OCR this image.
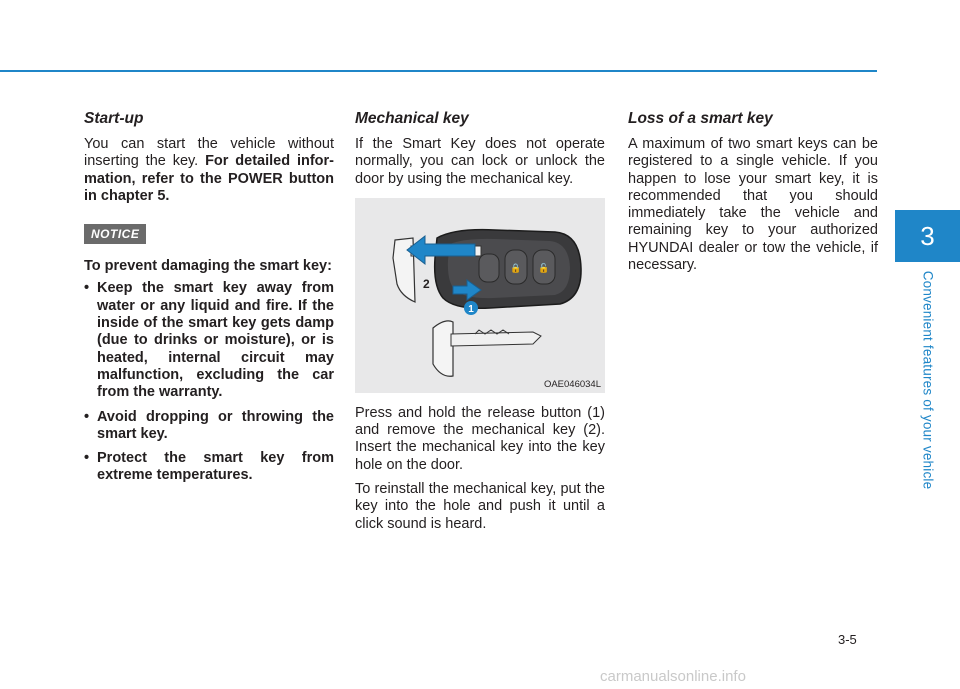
3
Convenient features of your vehicle
Start-up

You can start the vehicle without inserting the key. For detailed infor-mation, refer to the POWER button in chapter 5.

NOTICE

To prevent damaging the smart key:

• Keep the smart key away from water or any liquid and fire. If the inside of the smart key gets damp (due to drinks or moisture), or is heated, internal circuit may malfunction, excluding the car from the warranty.
• Avoid dropping or throwing the smart key.
• Protect the smart key from extreme temperatures.
Mechanical key

If the Smart Key does not operate normally, you can lock or unlock the door by using the mechanical key.

🔒 🔓
1
2
OAE046034L

Press and hold the release button (1) and remove the mechanical key (2). Insert the mechanical key into the key hole on the door.

To reinstall the mechanical key, put the key into the hole and push it until a click sound is heard.

Loss of a smart key

A maximum of two smart keys can be registered to a single vehicle. If you happen to lose your smart key, it is recommended that you should immediately take the vehicle and remaining key to your authorized HYUNDAI dealer or tow the vehicle, if necessary.

3-5
carmanualsonline.info
